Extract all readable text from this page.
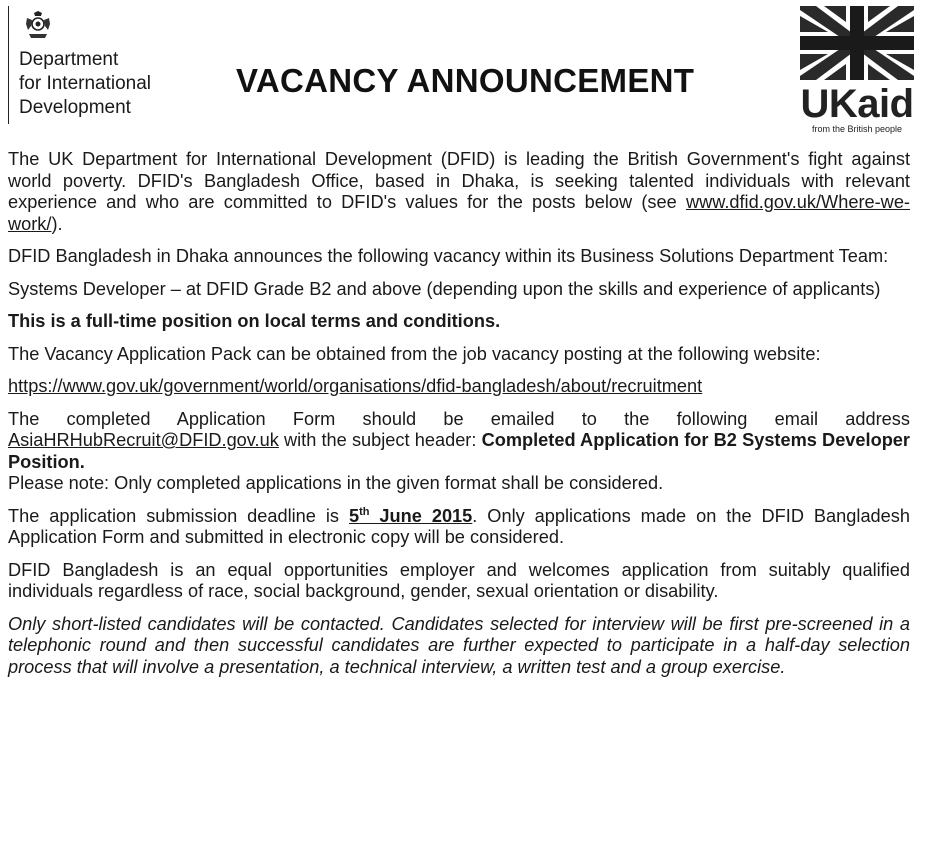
Department
for International
Development
VACANCY ANNOUNCEMENT
UKaid
from the British people

The UK Department for International Development (DFID) is leading the British Government's fight against world poverty. DFID's Bangladesh Office, based in Dhaka, is seeking talented individuals with relevant experience and who are committed to DFID's values for the posts below (see www.dfid.gov.uk/Where-we-work/).

DFID Bangladesh in Dhaka announces the following vacancy within its Business Solutions Department Team:

Systems Developer – at DFID Grade B2 and above (depending upon the skills and experience of applicants)

This is a full-time position on local terms and conditions.

The Vacancy Application Pack can be obtained from the job vacancy posting at the following website:

https://www.gov.uk/government/world/organisations/dfid-bangladesh/about/recruitment

The completed Application Form should be emailed to the following email address AsiaHRHubRecruit@DFID.gov.uk with the subject header: Completed Application for B2 Systems Developer Position.

Please note: Only completed applications in the given format shall be considered.

The application submission deadline is 5th June 2015. Only applications made on the DFID Bangladesh Application Form and submitted in electronic copy will be considered.

DFID Bangladesh is an equal opportunities employer and welcomes application from suitably qualified individuals regardless of race, social background, gender, sexual orientation or disability.

Only short-listed candidates will be contacted. Candidates selected for interview will be first pre-screened in a telephonic round and then successful candidates are further expected to participate in a half-day selection process that will involve a presentation, a technical interview, a written test and a group exercise.
